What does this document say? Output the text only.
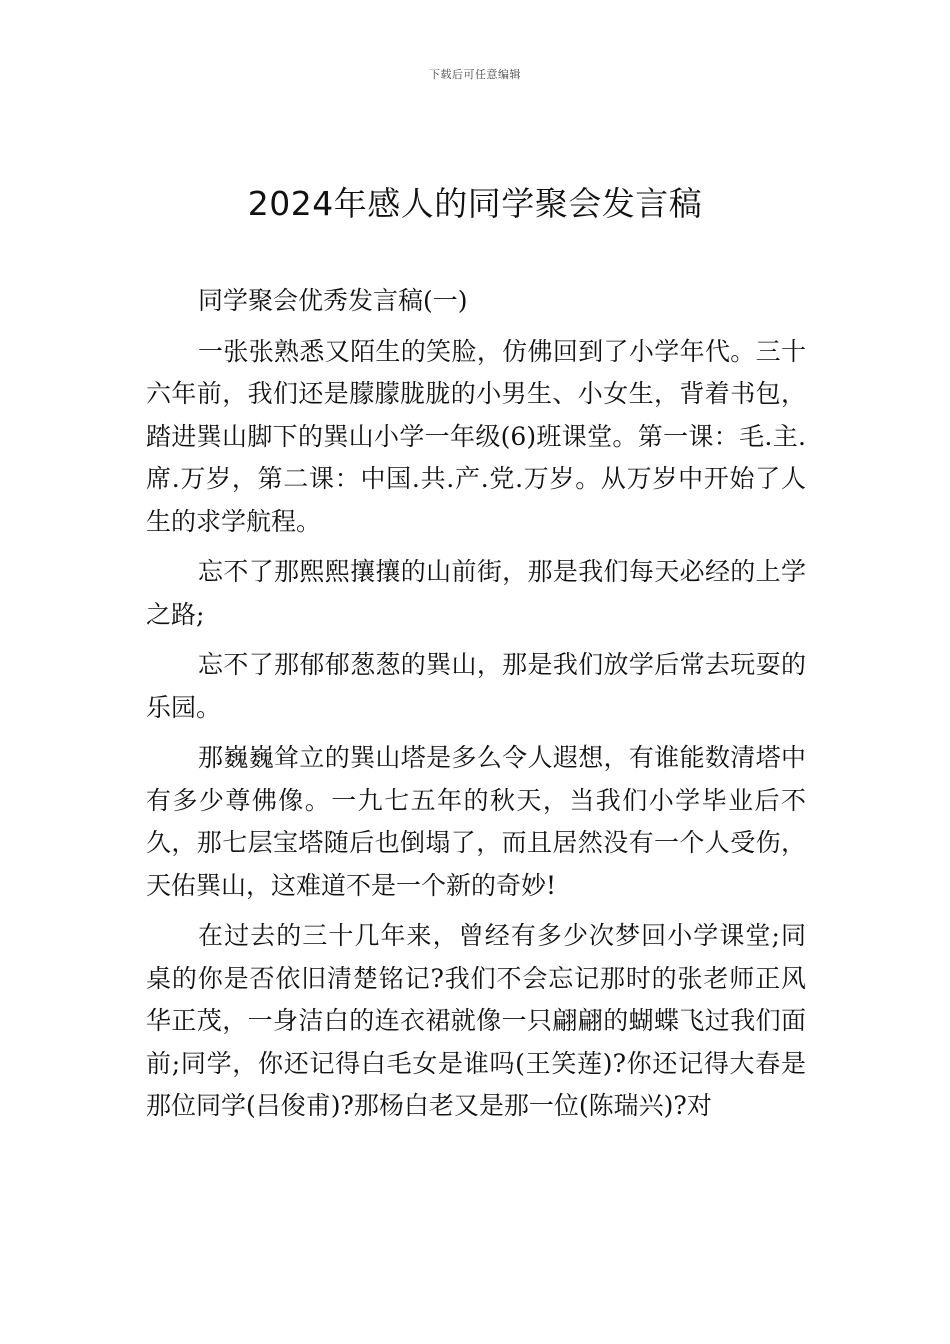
下载后可任意编辑
2024年感人的同学聚会发言稿

同学聚会优秀发言稿(一)

一张张熟悉又陌生的笑脸，仿佛回到了小学年代。三十六年前，我们还是朦朦胧胧的小男生、小女生，背着书包，踏进巽山脚下的巽山小学一年级(6)班课堂。第一课：毛.主.席.万岁，第二课：中国.共.产.党.万岁。从万岁中开始了人生的求学航程。

忘不了那熙熙攘攘的山前街，那是我们每天必经的上学之路;

忘不了那郁郁葱葱的巽山，那是我们放学后常去玩耍的乐园。

那巍巍耸立的巽山塔是多么令人遐想，有谁能数清塔中有多少尊佛像。一九七五年的秋天，当我们小学毕业后不久，那七层宝塔随后也倒塌了，而且居然没有一个人受伤，天佑巽山，这难道不是一个新的奇妙!

在过去的三十几年来，曾经有多少次梦回小学课堂;同桌的你是否依旧清楚铭记?我们不会忘记那时的张老师正风华正茂，一身洁白的连衣裙就像一只翩翩的蝴蝶飞过我们面前;同学，你还记得白毛女是谁吗(王笑莲)?你还记得大春是那位同学(吕俊甫)?那杨白老又是那一位(陈瑞兴)?对
